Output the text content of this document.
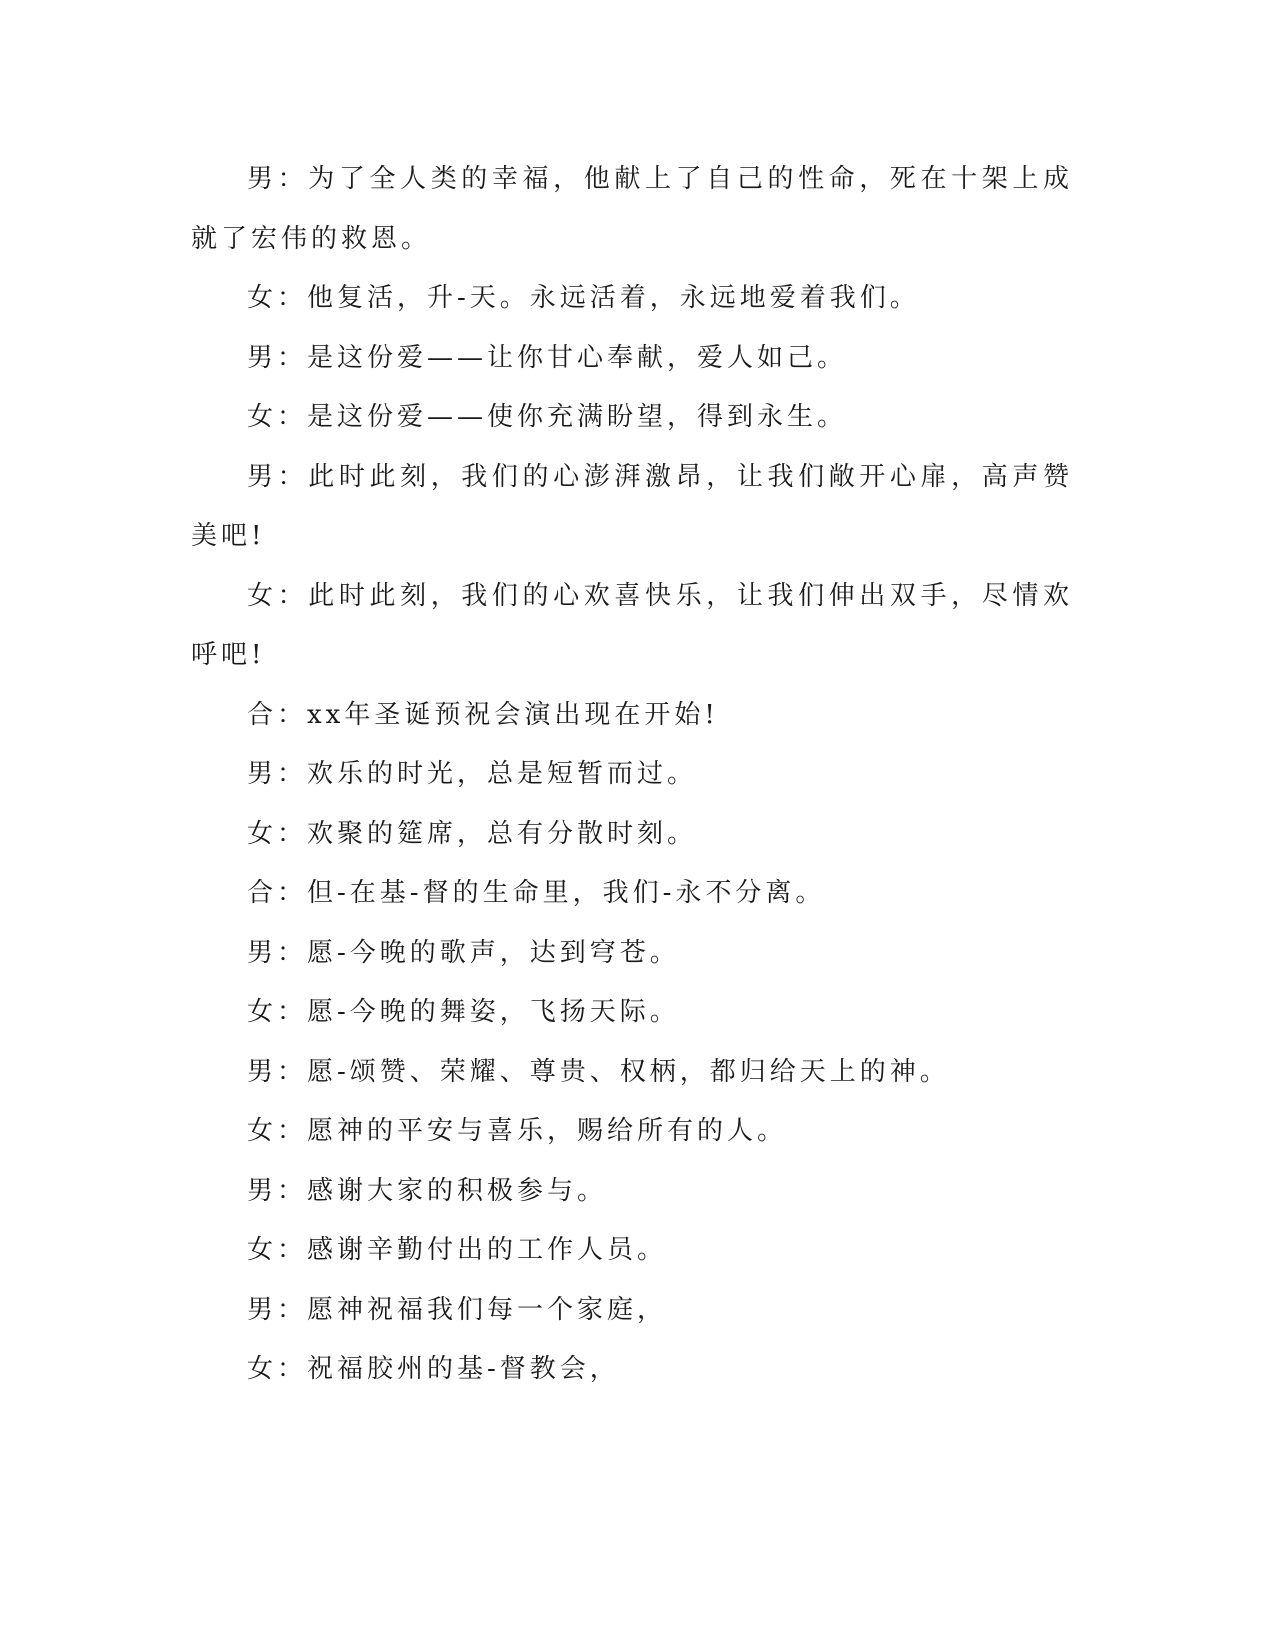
男：为了全人类的幸福，他献上了自己的性命，死在十架上成就了宏伟的救恩。

女：他复活，升-天。永远活着，永远地爱着我们。

男：是这份爱——让你甘心奉献，爱人如己。

女：是这份爱——使你充满盼望，得到永生。

男：此时此刻，我们的心澎湃激昂，让我们敞开心扉，高声赞美吧!

女：此时此刻，我们的心欢喜快乐，让我们伸出双手，尽情欢呼吧!

合：xx年圣诞预祝会演出现在开始!

男：欢乐的时光，总是短暂而过。

女：欢聚的筵席，总有分散时刻。

合：但-在基-督的生命里，我们-永不分离。

男：愿-今晚的歌声，达到穹苍。

女：愿-今晚的舞姿，飞扬天际。

男：愿-颂赞、荣耀、尊贵、权柄，都归给天上的神。

女：愿神的平安与喜乐，赐给所有的人。

男：感谢大家的积极参与。

女：感谢辛勤付出的工作人员。

男：愿神祝福我们每一个家庭，

女：祝福胶州的基-督教会，
